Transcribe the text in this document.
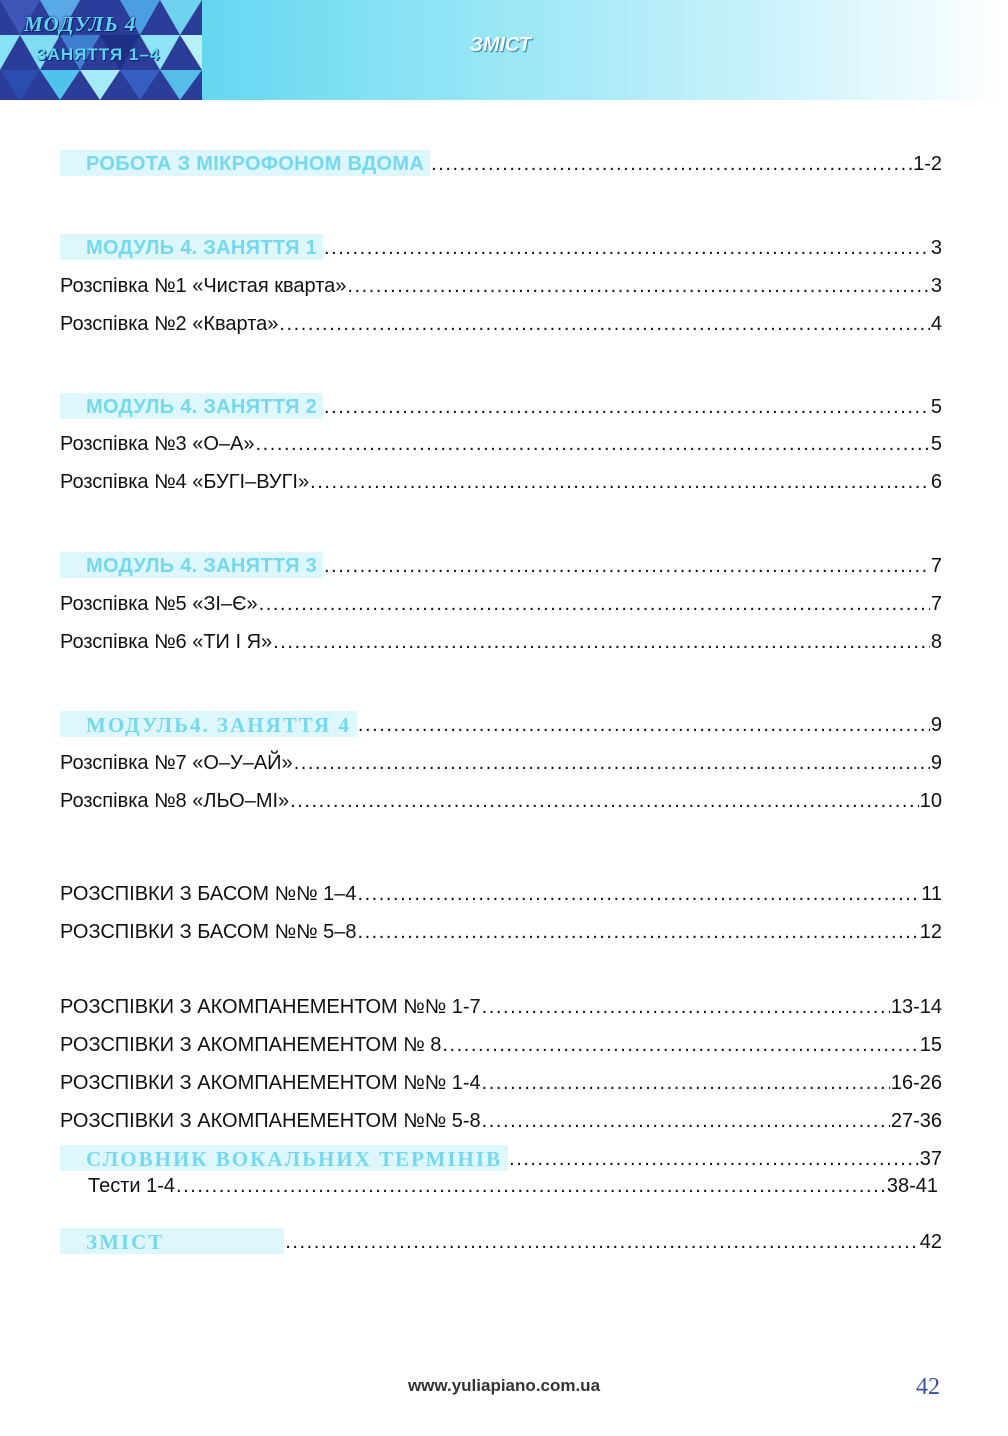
МОДУЛЬ 4
ЗАНЯТТЯ 1–4	ЗМІСТ
РОБОТА З МІКРОФОНОМ ВДОМА . . .	1-2
МОДУЛЬ 4. ЗАНЯТТЯ 1 . . .	3
Розспівка №1 «Чистая кварта» . . .	3
Розспівка №2 «Кварта» . . .	4
МОДУЛЬ 4. ЗАНЯТТЯ 2 . . .	5
Розспівка №3 «О–А» . . .	5
Розспівка №4 «БУГІ–ВУГІ» . . .	6
МОДУЛЬ 4. ЗАНЯТТЯ 3 . . .	7
Розспівка №5 «ЗІ–Є» . . .	7
Розспівка №6 «ТИ І Я» . . .	8
МОДУЛЬ4. ЗАНЯТТЯ 4 . . .	9
Розспівка №7 «О–У–АЙ» . . .	9
Розспівка №8 «ЛЬО–МІ» . . .	10
РОЗСПІВКИ З БАСОМ №№ 1–4 . . .	11
РОЗСПІВКИ З БАСОМ №№ 5–8 . . .	12
РОЗСПІВКИ З АКОМПАНЕМЕНТОМ №№ 1-7 . . .	13-14
РОЗСПІВКИ З АКОМПАНЕМЕНТОМ № 8 . . .	15
РОЗСПІВКИ З АКОМПАНЕМЕНТОМ №№ 1-4 . . .	16-26
РОЗСПІВКИ З АКОМПАНЕМЕНТОМ №№ 5-8 . . .	27-36
СЛОВНИК ВОКАЛЬНИХ ТЕРМІНІВ . . .	37
Тести 1-4 . . .	38-41
ЗМІСТ . . .	42
www.yuliapiano.com.ua	42
